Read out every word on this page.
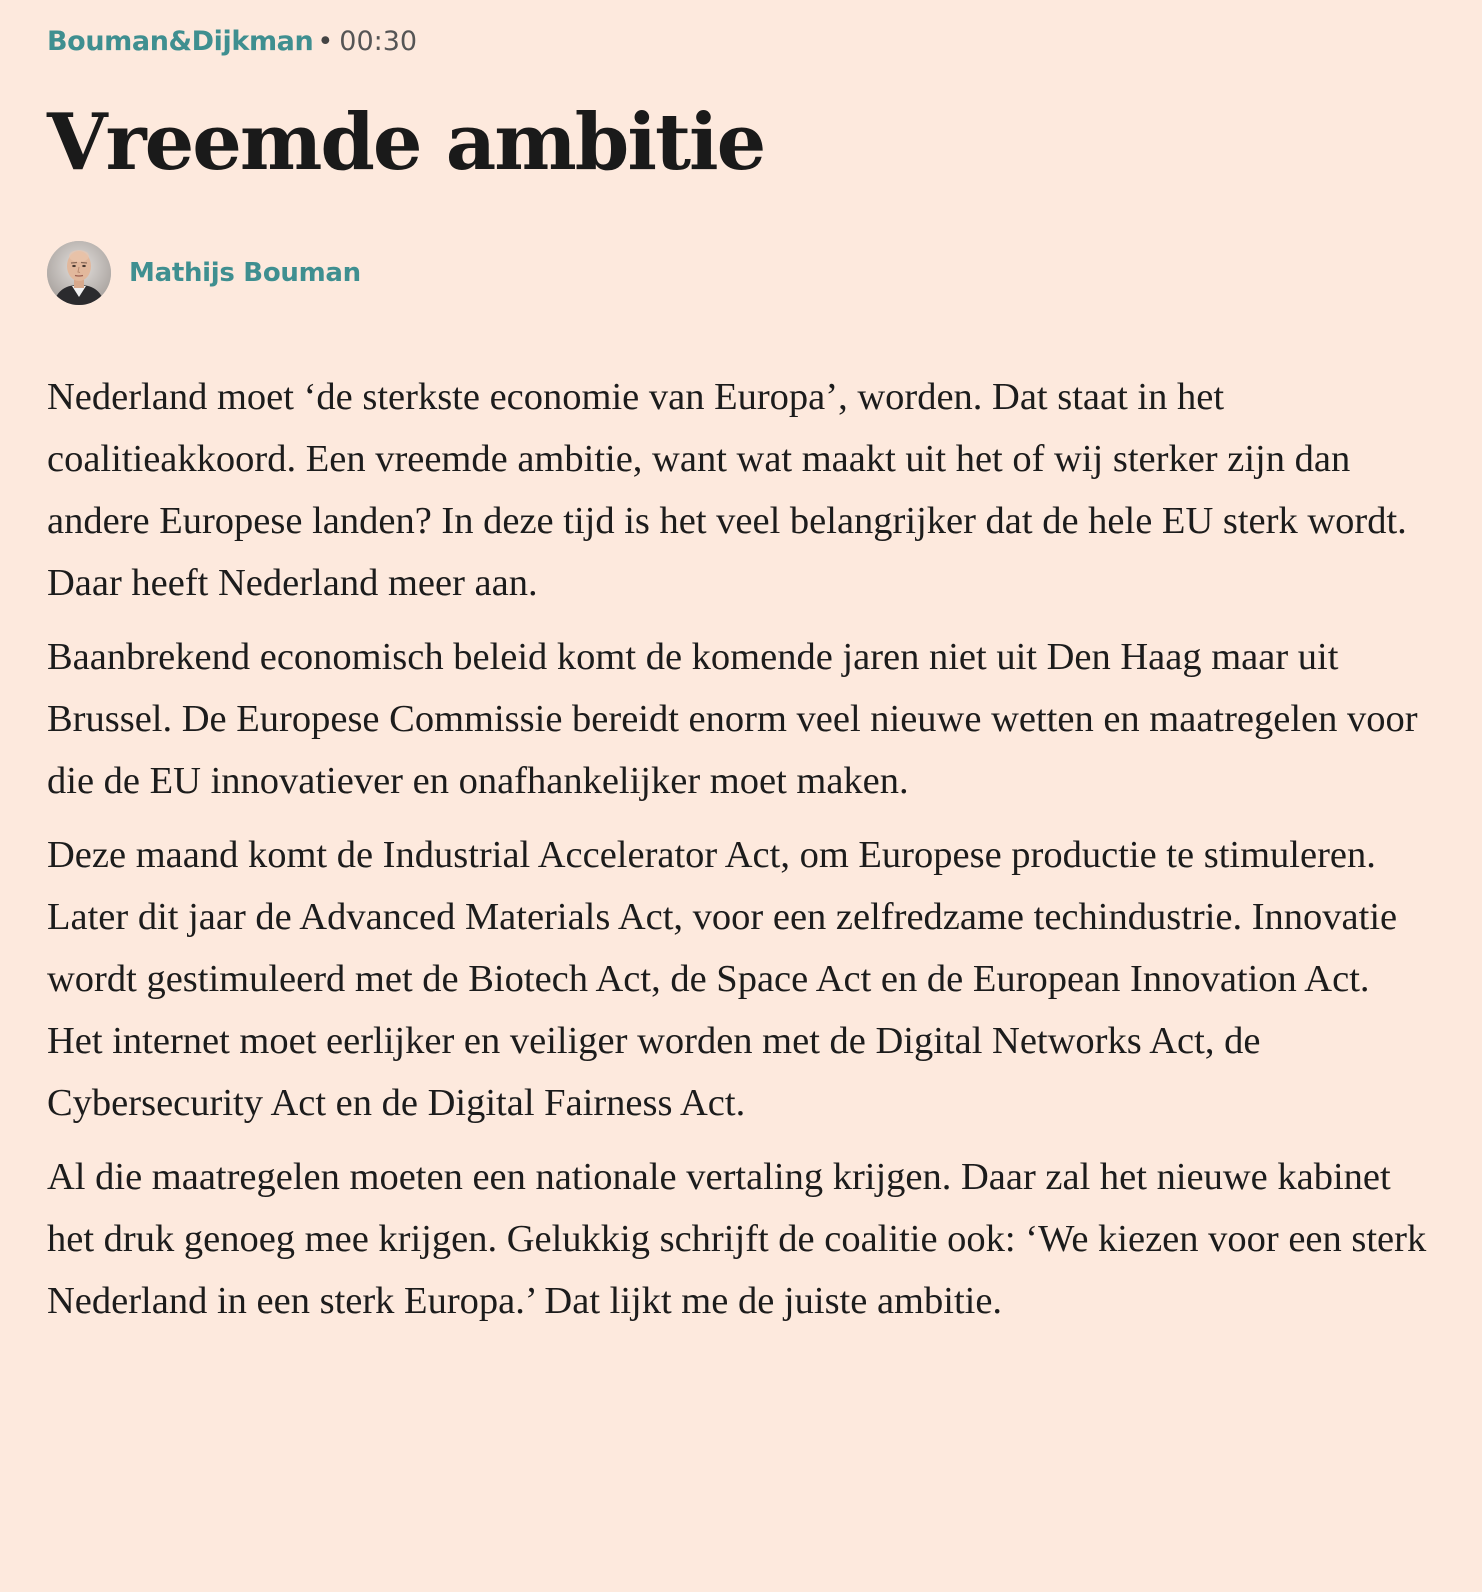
Bouman&Dijkman • 00:30
Vreemde ambitie
Mathijs Bouman

Nederland moet ‘de sterkste economie van Europa’, worden. Dat staat in het coalitieakkoord. Een vreemde ambitie, want wat maakt uit het of wij sterker zijn dan andere Europese landen? In deze tijd is het veel belangrijker dat de hele EU sterk wordt. Daar heeft Nederland meer aan.

Baanbrekend economisch beleid komt de komende jaren niet uit Den Haag maar uit Brussel. De Europese Commissie bereidt enorm veel nieuwe wetten en maatregelen voor die de EU innovatiever en onafhankelijker moet maken.

Deze maand komt de Industrial Accelerator Act, om Europese productie te stimuleren. Later dit jaar de Advanced Materials Act, voor een zelfredzame techindustrie. Innovatie wordt gestimuleerd met de Biotech Act, de Space Act en de European Innovation Act. Het internet moet eerlijker en veiliger worden met de Digital Networks Act, de Cybersecurity Act en de Digital Fairness Act.

Al die maatregelen moeten een nationale vertaling krijgen. Daar zal het nieuwe kabinet het druk genoeg mee krijgen. Gelukkig schrijft de coalitie ook: ‘We kiezen voor een sterk Nederland in een sterk Europa.’ Dat lijkt me de juiste ambitie.
